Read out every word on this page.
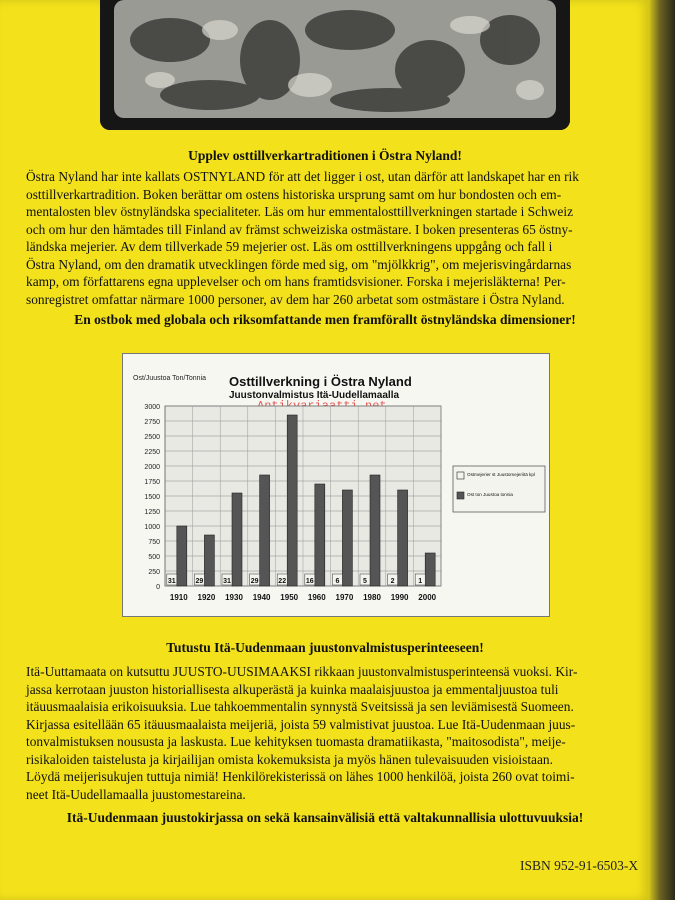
Upplev osttillverkartraditionen i Östra Nyland!

Östra Nyland har inte kallats OSTNYLAND för att det ligger i ost, utan därför att landskapet har en rik
osttillverkartradition. Boken berättar om ostens historiska ursprung samt om hur bondosten och em-
mentalosten blev östnyländska specialiteter. Läs om hur emmentalosttillverkningen startade i Schweiz
och om hur den hämtades till Finland av främst schweiziska ostmästare. I boken presenteras 65 östny-
ländska mejerier. Av dem tillverkade 59 mejerier ost. Läs om osttillverkningens uppgång och fall i
Östra Nyland, om den dramatik utvecklingen förde med sig, om "mjölkkrig", om mejerisvingårdarnas
kamp, om författarens egna upplevelser och om hans framtidsvisioner. Forska i mejerisläkterna! Per-
sonregistret omfattar närmare 1000 personer, av dem har 260 arbetat som ostmästare i Östra Nyland.

En ostbok med globala och riksomfattande men framförallt östnyländska dimensioner!
Ost/Juustoa Ton/Tonnia Osttillverkning i Östra Nyland
Juustonvalmistus Itä-Uudellamaalla
0
250
500
750
1000
1250
1500
1750
2000
2250
2500
2750
3000
31
1910
29
1920
31
1930
29
1940
22
1950
16
1960
6
1970
5
1980
2
1990
1
2000
Ostmejerier st Juustomejeriitä kpl
Ost ton Juustoa tonnia
Tutustu Itä-Uudenmaan juustonvalmistusperinteeseen!

Itä-Uuttamaata on kutsuttu JUUSTO-UUSIMAAKSI rikkaan juustonvalmistusperinteensä vuoksi. Kir-
jassa kerrotaan juuston historiallisesta alkuperästä ja kuinka maalaisjuustoa ja emmentaljuustoa tuli
itäuusmaalaisia erikoisuuksia. Lue tahkoemmentalin synnystä Sveitsissä ja sen leviämisestä Suomeen.
Kirjassa esitellään 65 itäuusmaalaista meijeriä, joista 59 valmistivat juustoa. Lue Itä-Uudenmaan juus-
tonvalmistuksen noususta ja laskusta. Lue kehityksen tuomasta dramatiikasta, "maitosodista", meije-
risikaloiden taistelusta ja kirjailijan omista kokemuksista ja myös hänen tulevaisuuden visioistaan.
Löydä meijerisukujen tuttuja nimiä! Henkilörekisterissä on lähes 1000 henkilöä, joista 260 ovat toimi-
neet Itä-Uudellamaalla juustomestareina.

Itä-Uudenmaan juustokirjassa on sekä kansainvälisiä että valtakunnallisia ulottuvuuksia!
ISBN 952-91-6503-X
